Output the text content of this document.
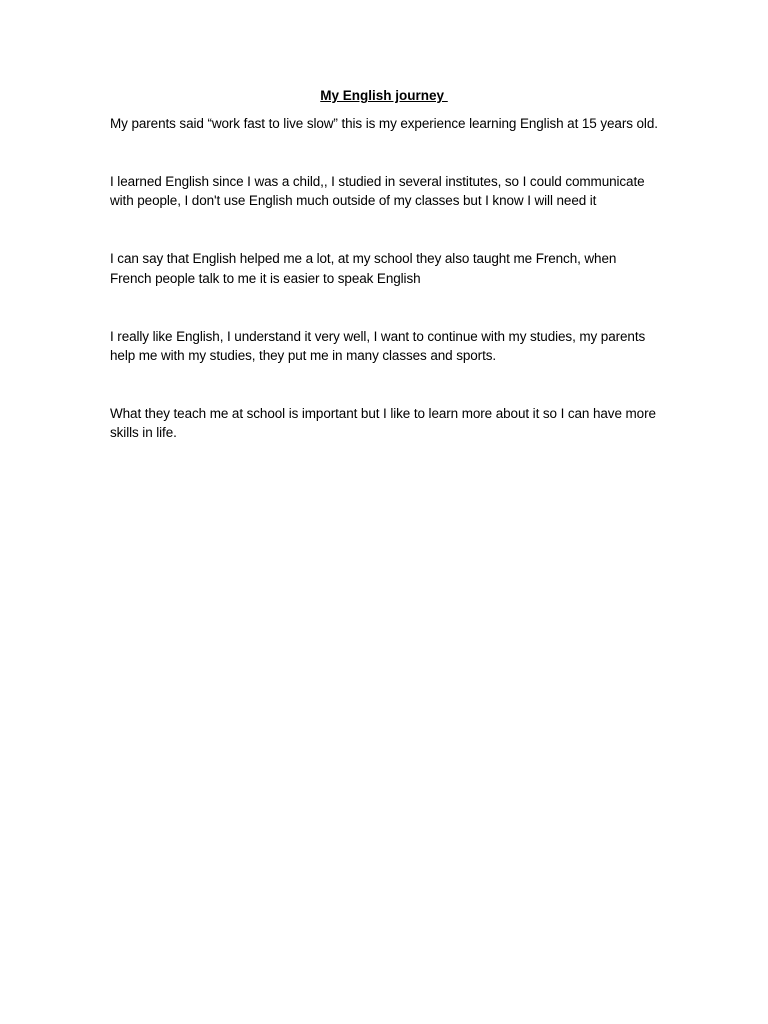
My English journey

My parents said “work fast to live slow” this is my experience learning English at 15 years old.

I learned English since I was a child,, I studied in several institutes, so I could communicate with people, I don't use English much outside of my classes but I know I will need it

I can say that English helped me a lot, at my school they also taught me French, when French people talk to me it is easier to speak English

I really like English, I understand it very well, I want to continue with my studies, my parents help me with my studies, they put me in many classes and sports.

What they teach me at school is important but I like to learn more about it so I can have more skills in life.
